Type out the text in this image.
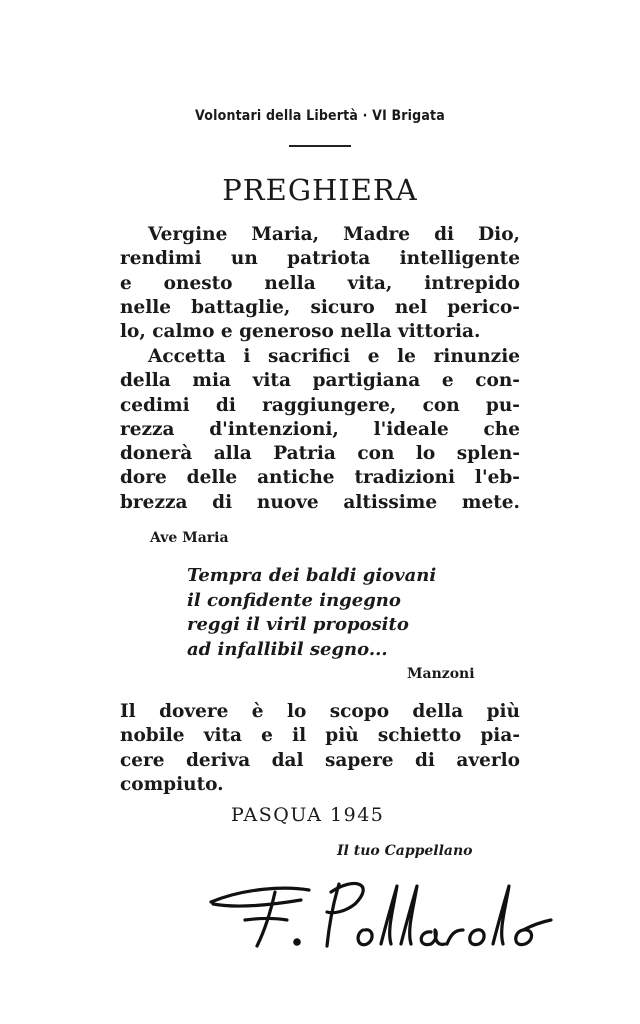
Volontari della Libertà · VI Brigata
PREGHIERA
Vergine Maria, Madre di Dio,
rendimi un patriota intelligente
e onesto nella vita, intrepido
nelle battaglie, sicuro nel perico-
lo, calmo e generoso nella vittoria.
Accetta i sacrifici e le rinunzie
della mia vita partigiana e con-
cedimi di raggiungere, con pu-
rezza d'intenzioni, l'ideale che
donerà alla Patria con lo splen-
dore delle antiche tradizioni l'eb-
brezza di nuove altissime mete.
Ave Maria
Tempra dei baldi giovani
il confidente ingegno
reggi il viril proposito
ad infallibil segno...
Manzoni
Il dovere è lo scopo della più
nobile vita e il più schietto pia-
cere deriva dal sapere di averlo
compiuto.
PASQUA 1945
Il tuo Cappellano
